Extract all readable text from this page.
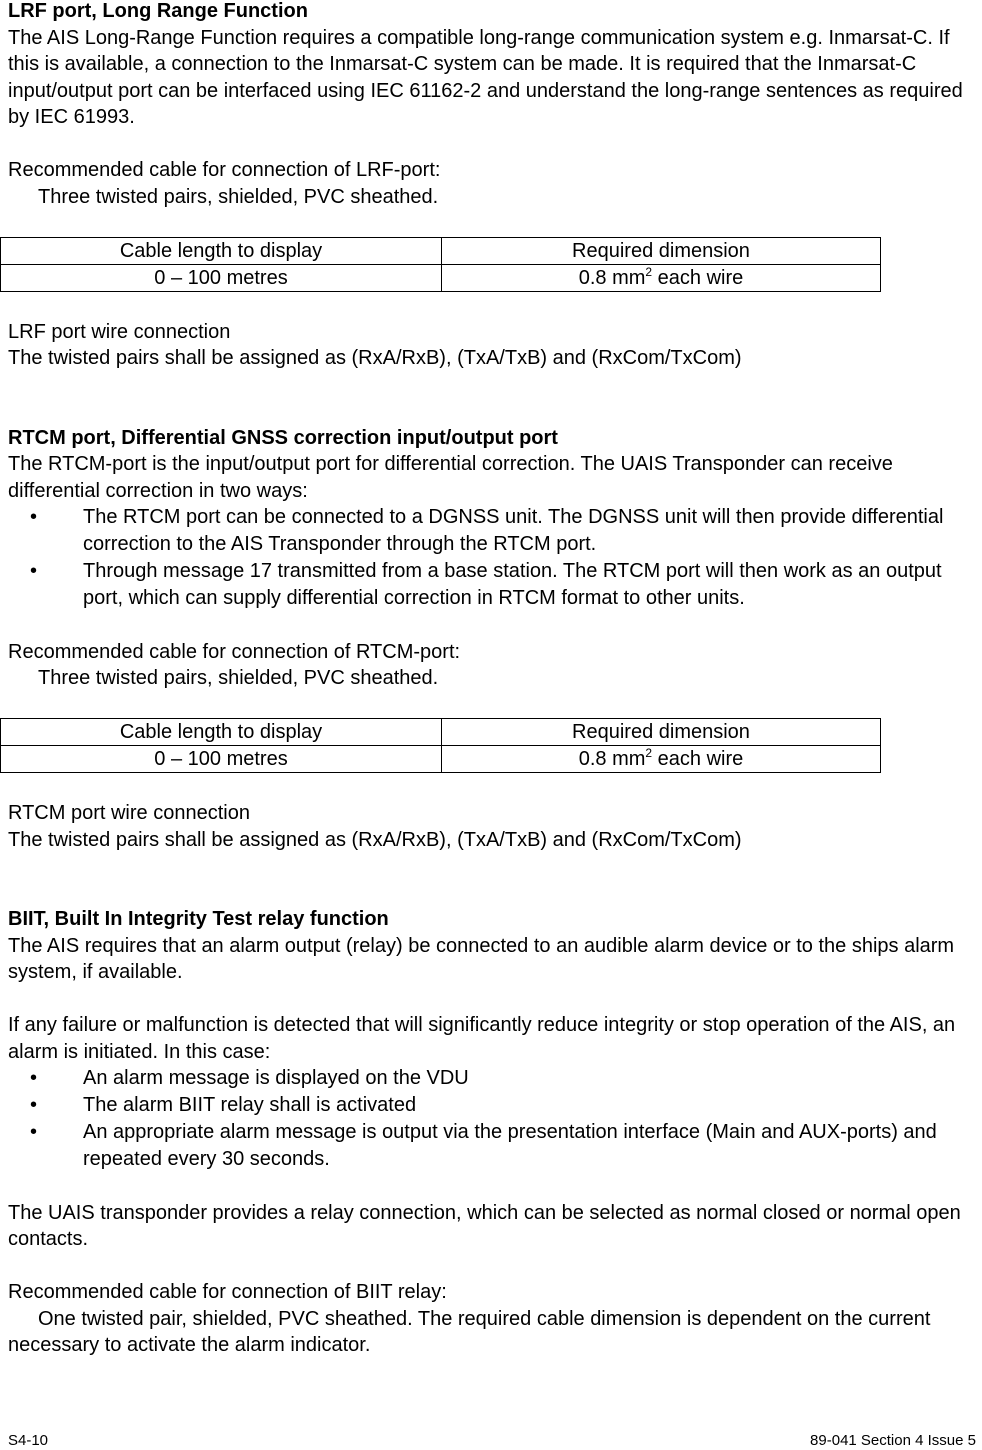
LRF port, Long Range Function

The AIS Long-Range Function requires a compatible long-range communication system e.g. Inmarsat-C. If this is available, a connection to the Inmarsat-C system can be made. It is required that the Inmarsat-C input/output port can be interfaced using IEC 61162-2 and understand the long-range sentences as required by IEC 61993.

Recommended cable for connection of LRF-port:

Three twisted pairs, shielded, PVC sheathed.

Cable length to display	Required dimension
0 – 100 metres	0.8 $mm^2$ each wire

LRF port wire connection

The twisted pairs shall be assigned as (RxA/RxB), (TxA/TxB) and (RxCom/TxCom)

RTCM port, Differential GNSS correction input/output port

The RTCM-port is the input/output port for differential correction. The UAIS Transponder can receive differential correction in two ways:

• The RTCM port can be connected to a DGNSS unit. The DGNSS unit will then provide differential correction to the AIS Transponder through the RTCM port.
• Through message 17 transmitted from a base station. The RTCM port will then work as an output port, which can supply differential correction in RTCM format to other units.

Recommended cable for connection of RTCM-port:

Three twisted pairs, shielded, PVC sheathed.

Cable length to display	Required dimension
0 – 100 metres	0.8 $mm^2$ each wire

RTCM port wire connection

The twisted pairs shall be assigned as (RxA/RxB), (TxA/TxB) and (RxCom/TxCom)

BIIT, Built In Integrity Test relay function

The AIS requires that an alarm output (relay) be connected to an audible alarm device or to the ships alarm system, if available.

If any failure or malfunction is detected that will significantly reduce integrity or stop operation of the AIS, an alarm is initiated. In this case:

• An alarm message is displayed on the VDU
• The alarm BIIT relay shall is activated
• An appropriate alarm message is output via the presentation interface (Main and AUX-ports) and repeated every 30 seconds.

The UAIS transponder provides a relay connection, which can be selected as normal closed or normal open contacts.

Recommended cable for connection of BIIT relay:

One twisted pair, shielded, PVC sheathed. The required cable dimension is dependent on the current necessary to activate the alarm indicator.

S4-10	89-041 Section 4 Issue 5
